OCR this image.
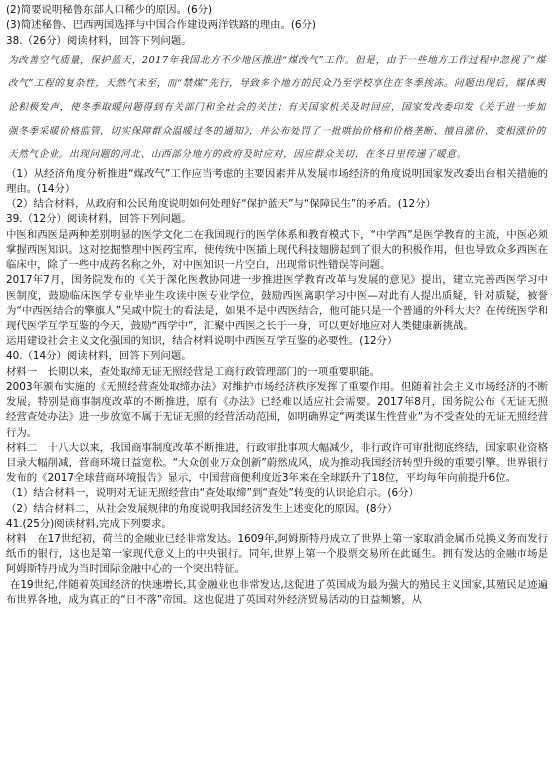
(2)简要说明秘鲁东部人口稀少的原因。(6分)
(3)简述秘鲁、巴西两国选择与中国合作建设两洋铁路的理由。(6分)
38.（26分）阅读材料，回答下列问题。

为改善空气质量，保护蓝天，2017年我国北方不少地区推进“煤改气”工作。但是，由于一些地方工作过程中忽视了“煤改气”工程的复杂性，天然气未至，而“禁煤”先行，导致多个地方的民众乃至学校享住在冬季挨冻。问题出现后，媒体舆论积极发声，使冬季取暖问题得到有关部门和全社会的关注；有关国家机关及时回应，国家发改委印发《关于进一步加强冬季采暖价格监管，切实保障群众温暖过冬的通知》，并公布处罚了一批哄抬价格和价格垄断、擅自涨价、变相涨价的天然气企业。出现问题的河北、山西部分地方的政府及时应对，因应群众关切，在冬日里传递了暖意。

（1）从经济角度分析推进“煤改气”工作应当考虑的主要因素并从发展市场经济的角度说明国家发改委出台相关措施的理由。(14分）

（2）结合材料，从政府和公民角度说明如何处理好“保护蓝天”与“保障民生”的矛盾。(12分）

39.（12分）阅读材料，回答下列问题。

中医和西医是两种差别明显的医学文化二在我国现行的医学体系和教育模式下，“中学西”是医学教育的主流，中医必须掌握西医知识。这对挖掘整理中医药宝库，使传统中医插上现代科技翅膀起到了很大的积极作用，但也导致众多西医在临床中，除了一些中成药名称之外，对中医知识一片空白，出现常识性错误等问题。

2017年7月，国务院发布的《关于深化医教协同进一步推进医学教育改革与发展的意见》提出，建立完善西医学习中医制度，鼓励临床医学专业毕业生攻读中医专业学位，鼓励西医离职学习中医—对此有人提出质疑，针对质疑，被誉为“中西医结合的擎旗人”吴咸中院士的看法是，如果不是中西医结合，他可能只是一个普通的外科大夫？在传统医学和现代医学互学互鉴的今天，鼓励“西学中”，汇聚中西医之长于一身，可以更好地应对人类健康新挑战。

运用建设社会主义文化强国的知识，结合材料说明中西医互学互鉴的必要性。(12分）

40.（14分）阅读材料，回答下列问题。

材料一　长期以来，查处取缔无证无照经营是工商行政管理部门的一项重要职能。

2003年颁布实施的《无照经营查处取缔办法》对维护市场经济秩序发挥了重要作用。但随着社会主义市场经济的不断发展，特别是商事制度改革的不断推进，原有《办法》已经难以适应社会需要。2017年8月，国务院公布《无证无照经营查处办法》进一步放宽不属于无证无照的经营活动范围，如明确界定“两类谋生性营业”为不受查处的无证无照经营行为。

材料二　十八大以来，我国商事制度改革不断推进，行政审批事项大幅减少，非行政许可审批彻底终结，国家职业资格目录大幅削减，营商环境日益宽松。“大众创业万众创新”蔚然成风，成为推动我国经济转型升级的重要引擎。世界银行发布的《2017全球营商环境报告》显示，中国营商便利度近3年来在全球跃升了18位，平均每年向前提升6位。

（1）结合材料一，说明对无证无照经营由“查处取缔”到“查处”转变的认识论启示。(6分）

（2）结合材料二，从社会发展规律的角度说明我国经济发生上述变化的原因。(8分）

41.(25分)阅读材料,完成下列要求。

材料　在17世纪初，荷兰的金融业已经非常发达。1609年,阿姆斯特丹成立了世界上第一家取消金属币兑换义务而发行纸币的银行，这也是第一家现代意义上的中央银行。同年,世界上第一个股票交易所在此诞生。拥有发达的金融市场是阿姆斯特丹成为当时国际金融中心的一个突出特征。

在19世纪,伴随着英国经济的快速增长,其金融业也非常发达,这促进了英国成为最为强大的殖民主义国家,其殖民足迹遍布世界各地，成为真正的“日不落”帝国。这也促进了英国对外经济贸易活动的日益频繁，从
